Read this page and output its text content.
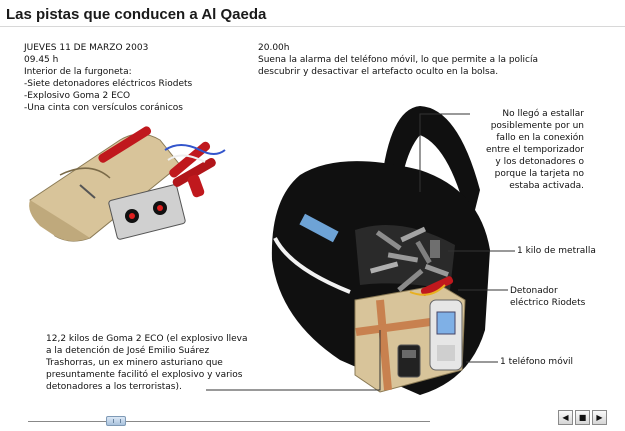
Las pistas que conducen a Al Qaeda
JUEVES 11 DE MARZO 2003
09.45 h
Interior de la furgoneta:
-Siete detonadores eléctricos Riodets
-Explosivo Goma 2 ECO
-Una cinta con versículos coránicos
20.00h
Suena la alarma del teléfono móvil, lo que permite a la policía
descubrir y desactivar el artefacto oculto en la bolsa.
No llegó a estallar
posiblemente por un
fallo en la conexión
entre el temporizador
y los detonadores o
porque la tarjeta no
estaba activada.
1 kilo de metralla
Detonador
eléctrico Riodets
1 teléfono móvil
12,2 kilos de Goma 2 ECO (el explosivo lleva
a la detención de José Emilio Suárez
Trashorras, un ex minero asturiano que
presuntamente facilitó el explosivo y varios
detonadores a los terroristas).
◀	■	▶
